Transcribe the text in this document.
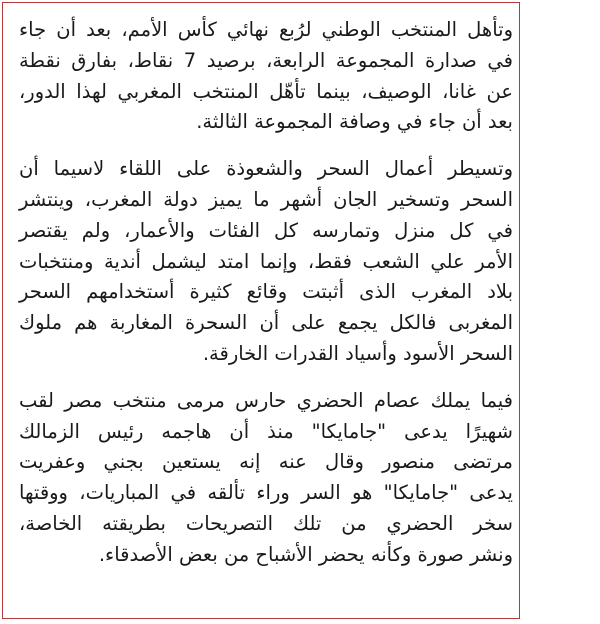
وتأهل المنتخب الوطني لرُبع نهائي كأس الأمم، بعد أن جاء
في صدارة المجموعة الرابعة، برصيد 7 نقاط، بفارق نقطة
عن غانا، الوصيف، بينما تأهّل المنتخب المغربي لهذا الدور،
بعد أن جاء في وصافة المجموعة الثالثة.

وتسيطر أعمال السحر والشعوذة على اللقاء لاسيما أن
السحر وتسخير الجان أشهر ما يميز دولة المغرب، وينتشر
في كل منزل وتمارسه كل الفئات والأعمار، ولم يقتصر
الأمر علي الشعب فقط، وإنما امتد ليشمل أندية ومنتخبات
بلاد المغرب الذى أثبتت وقائع كثيرة أستخدامهم السحر
المغربى فالكل يجمع على أن السحرة المغاربة هم ملوك
السحر الأسود وأسياد القدرات الخارقة.

فيما يملك عصام الحضري حارس مرمى منتخب مصر لقب
شهيرًا يدعى "جامايكا" منذ أن هاجمه رئيس الزمالك
مرتضى منصور وقال عنه إنه يستعين بجني وعفريت
يدعى "جامايكا" هو السر وراء تألقه في المباريات، ووقتها
سخر الحضري من تلك التصريحات بطريقته الخاصة،
ونشر صورة وكأنه يحضر الأشباح من بعض الأصدقاء.
